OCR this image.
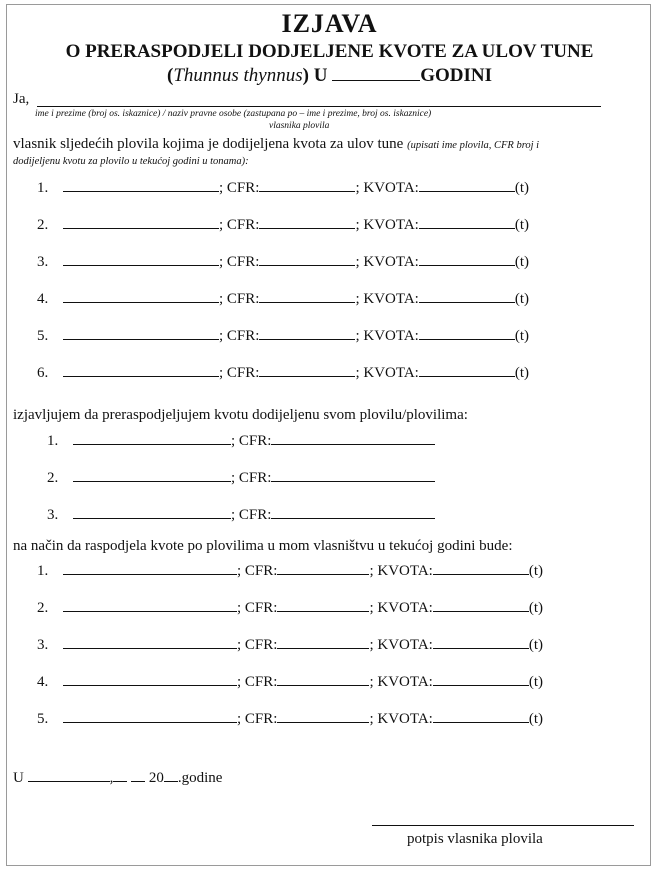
IZJAVA
O PRERASPODJELI DODJELJENE KVOTE ZA ULOV TUNE
(Thunnus thynnus) U	GODINI
Ja,
ime i prezime (broj os. iskaznice) / naziv pravne osobe (zastupana po – ime i prezime, broj os. iskaznice)
vlasnika plovila
vlasnik sljedećih plovila kojima je dodijeljena kvota za ulov tune (upisati ime plovila, CFR broj i
dodijeljenu kvotu za plovilo u tekućoj godini u tonama):
1.	; CFR:	; KVOTA:	(t)
2.	; CFR:	; KVOTA:	(t)
3.	; CFR:	; KVOTA:	(t)
4.	; CFR:	; KVOTA:	(t)
5.	; CFR:	; KVOTA:	(t)
6.	; CFR:	; KVOTA:	(t)
izjavljujem da preraspodjeljujem kvotu dodijeljenu svom plovilu/plovilima:
1.	; CFR:
2.	; CFR:
3.	; CFR:
na način da raspodjela kvote po plovilima u mom vlasništvu u tekućoj godini bude:
1.	; CFR:	; KVOTA:	(t)
2.	; CFR:	; KVOTA:	(t)
3.	; CFR:	; KVOTA:	(t)
4.	; CFR:	; KVOTA:	(t)
5.	; CFR:	; KVOTA:	(t)
U	, 20 .godine
potpis vlasnika plovila
